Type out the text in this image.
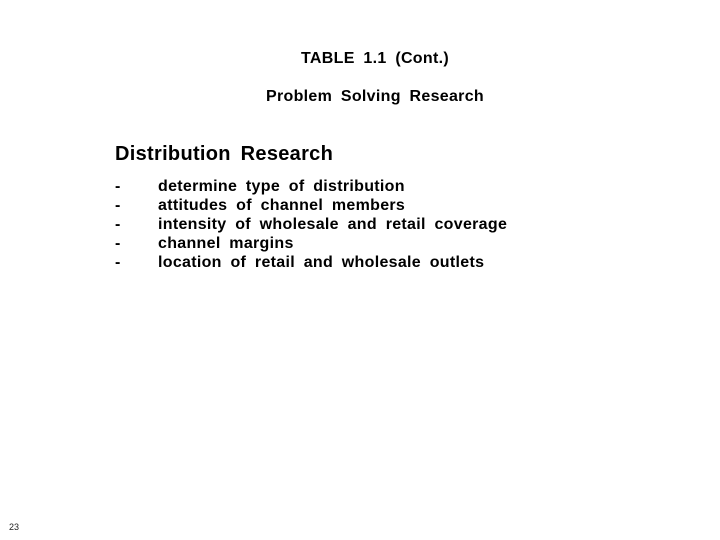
TABLE 1.1 (Cont.)
Problem Solving Research
Distribution Research
-	determine type of distribution
-	attitudes of channel members
-	intensity of wholesale and retail coverage
-	channel margins
-	location of retail and wholesale outlets
23
